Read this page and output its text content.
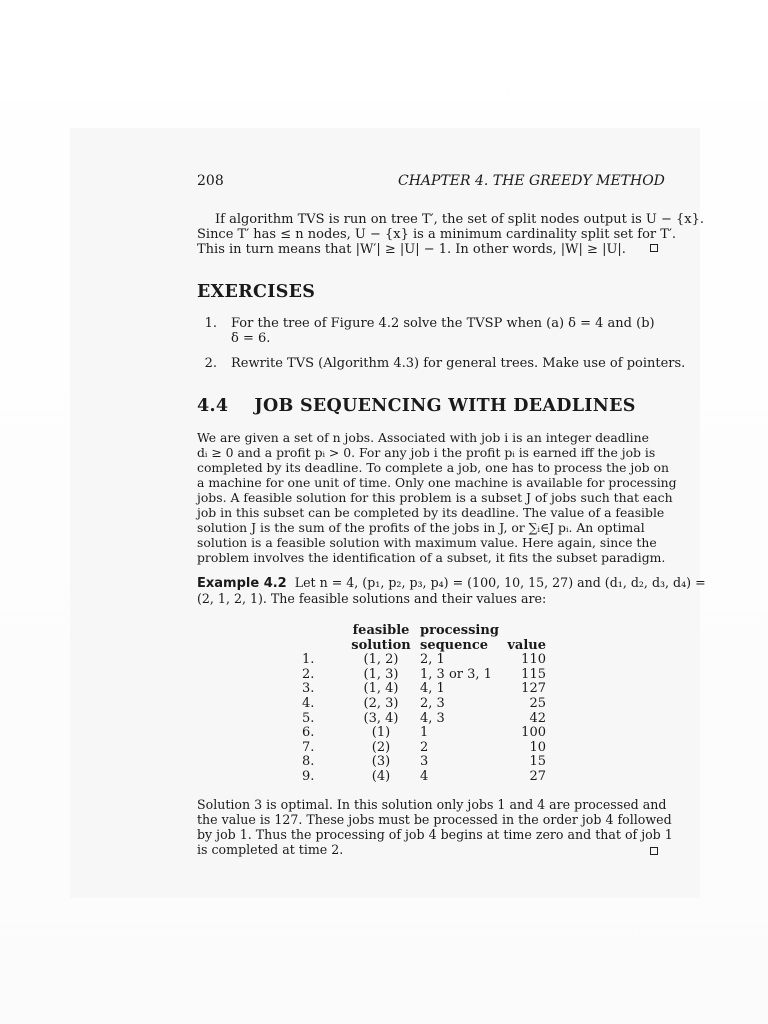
208	CHAPTER 4. THE GREEDY METHOD
If algorithm TVS is run on tree T′, the set of split nodes output is U − {x}.
Since T′ has ≤ n nodes, U − {x} is a minimum cardinality split set for T′.
This in turn means that |W′| ≥ |U| − 1. In other words, |W| ≥ |U|.
EXERCISES
1.	For the tree of Figure 4.2 solve the TVSP when (a) δ = 4 and (b)
δ = 6.
2.	Rewrite TVS (Algorithm 4.3) for general trees. Make use of pointers.
4.4 JOB SEQUENCING WITH DEADLINES
We are given a set of n jobs. Associated with job i is an integer deadline
dᵢ ≥ 0 and a profit pᵢ > 0. For any job i the profit pᵢ is earned iff the job is
completed by its deadline. To complete a job, one has to process the job on
a machine for one unit of time. Only one machine is available for processing
jobs. A feasible solution for this problem is a subset J of jobs such that each
job in this subset can be completed by its deadline. The value of a feasible
solution J is the sum of the profits of the jobs in J, or ∑ᵢ∈J pᵢ. An optimal
solution is a feasible solution with maximum value. Here again, since the
problem involves the identification of a subset, it fits the subset paradigm.
Example 4.2 Let n = 4, (p₁, p₂, p₃, p₄) = (100, 10, 15, 27) and (d₁, d₂, d₃, d₄) =
(2, 1, 2, 1). The feasible solutions and their values are:
	feasible	processing	
	solution	sequence	value
1.	(1, 2)	2, 1	110
2.	(1, 3)	1, 3 or 3, 1	115
3.	(1, 4)	4, 1	127
4.	(2, 3)	2, 3	25
5.	(3, 4)	4, 3	42
6.	(1)	1	100
7.	(2)	2	10
8.	(3)	3	15
9.	(4)	4	27
Solution 3 is optimal. In this solution only jobs 1 and 4 are processed and
the value is 127. These jobs must be processed in the order job 4 followed
by job 1. Thus the processing of job 4 begins at time zero and that of job 1
is completed at time 2.
